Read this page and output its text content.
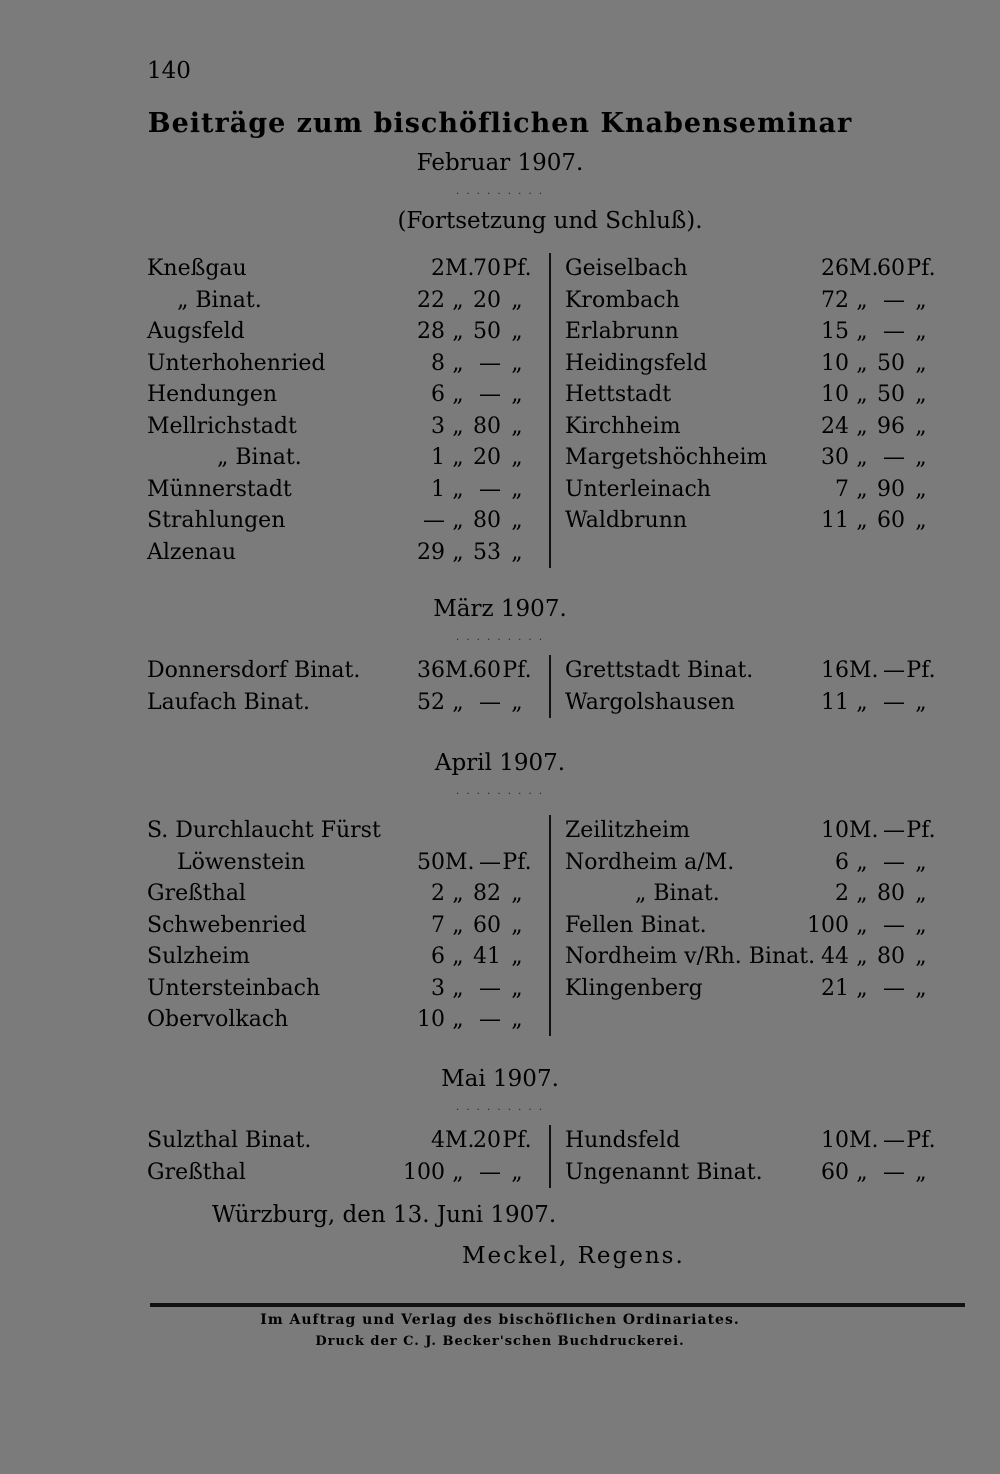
140
Beiträge zum bischöflichen Knabenseminar
Februar 1907.
. . . . . . . . .
(Fortsetzung und Schluß).
Kneßgau	2M.70Pf.
„ Binat.	22 „ 20 „
Augsfeld	28 „ 50 „
Unterhohenried	8 „ — „
Hendungen	6 „ — „
Mellrichstadt	3 „ 80 „
„ Binat.	1 „ 20 „
Münnerstadt	1 „ — „
Strahlungen	— „ 80 „
Alzenau	29 „ 53 „
Geiselbach	26M.60Pf.
Krombach	72 „ — „
Erlabrunn	15 „ — „
Heidingsfeld	10 „ 50 „
Hettstadt	10 „ 50 „
Kirchheim	24 „ 96 „
Margetshöchheim	30 „ — „
Unterleinach	7 „ 90 „
Waldbrunn	11 „ 60 „
März 1907.
. . . . . . . . .
Donnersdorf Binat.	36M.60Pf.
Laufach Binat.	52 „ — „
Grettstadt Binat.	16M. —Pf.
Wargolshausen	11 „ — „
April 1907.
. . . . . . . . .
S. Durchlaucht Fürst
Löwenstein	50M. —Pf.
Greßthal	2 „ 82 „
Schwebenried	7 „ 60 „
Sulzheim	6 „ 41 „
Untersteinbach	3 „ — „
Obervolkach	10 „ — „
Zeilitzheim	10M. —Pf.
Nordheim a/M.	6 „ — „
„ Binat.	2 „ 80 „
Fellen Binat.	100 „ — „
Nordheim v/Rh. Binat. 44 „ 80 „
Klingenberg	21 „ — „
Mai 1907.
. . . . . . . . .
Sulzthal Binat.	4M.20Pf.
Greßthal	100 „ — „
Hundsfeld	10M. —Pf.
Ungenannt Binat.	60 „ — „
Würzburg, den 13. Juni 1907.
Meckel, Regens.
Im Auftrag und Verlag des bischöflichen Ordinariates.
Druck der C. J. Becker'schen Buchdruckerei.
